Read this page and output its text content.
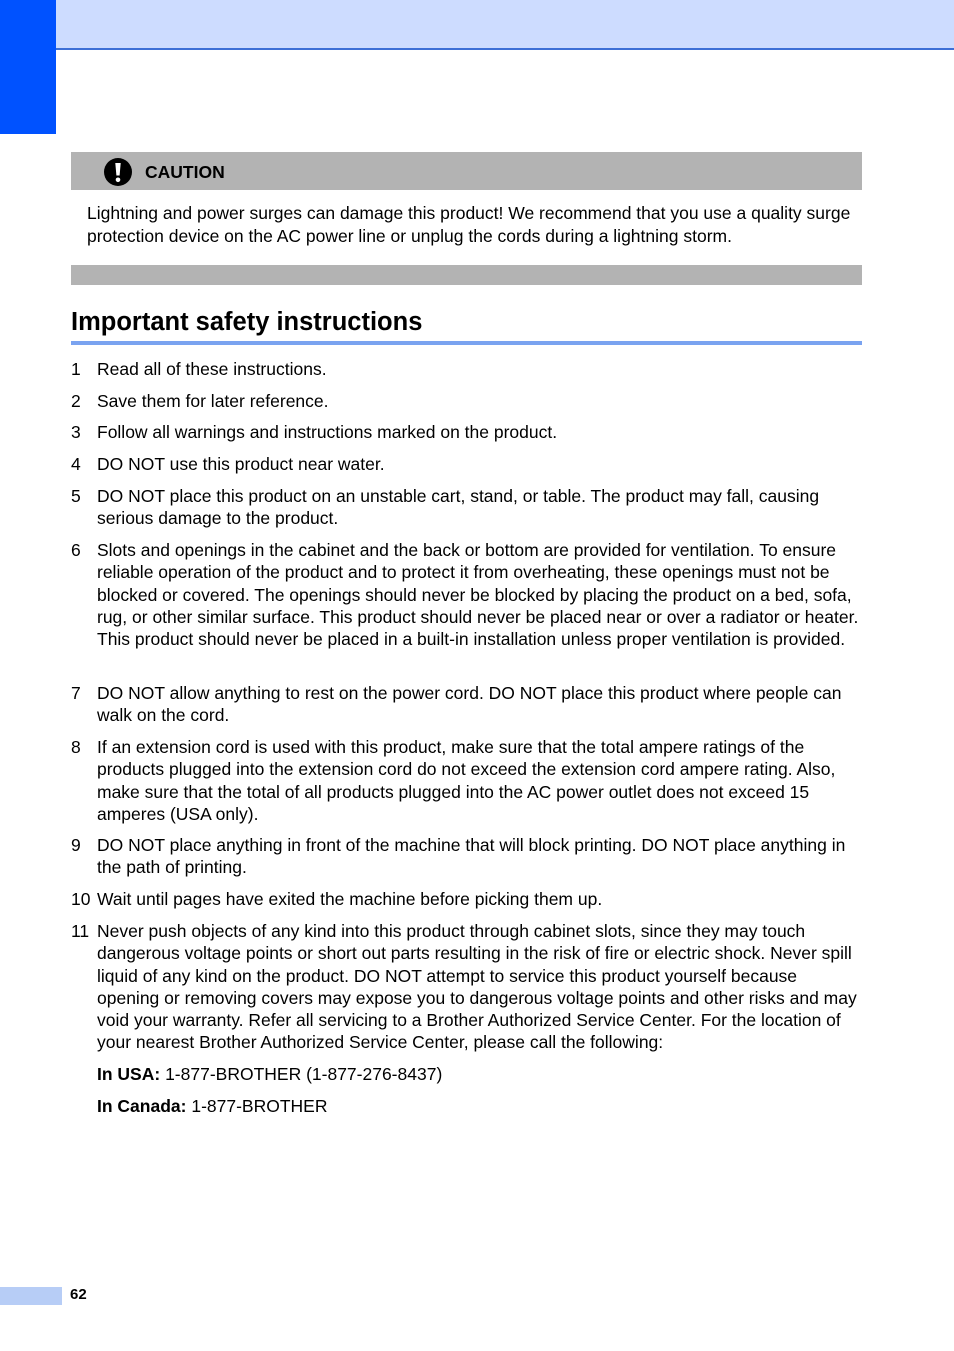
CAUTION
Lightning and power surges can damage this product! We recommend that you use a quality surge protection device on the AC power line or unplug the cords during a lightning storm.
Important safety instructions
1 Read all of these instructions.
2 Save them for later reference.
3 Follow all warnings and instructions marked on the product.
4 DO NOT use this product near water.
5 DO NOT place this product on an unstable cart, stand, or table. The product may fall, causing serious damage to the product.
6 Slots and openings in the cabinet and the back or bottom are provided for ventilation. To ensure reliable operation of the product and to protect it from overheating, these openings must not be blocked or covered. The openings should never be blocked by placing the product on a bed, sofa, rug, or other similar surface. This product should never be placed near or over a radiator or heater. This product should never be placed in a built-in installation unless proper ventilation is provided.
7 DO NOT allow anything to rest on the power cord. DO NOT place this product where people can walk on the cord.
8 If an extension cord is used with this product, make sure that the total ampere ratings of the products plugged into the extension cord do not exceed the extension cord ampere rating. Also, make sure that the total of all products plugged into the AC power outlet does not exceed 15 amperes (USA only).
9 DO NOT place anything in front of the machine that will block printing. DO NOT place anything in the path of printing.
10 Wait until pages have exited the machine before picking them up.
11 Never push objects of any kind into this product through cabinet slots, since they may touch dangerous voltage points or short out parts resulting in the risk of fire or electric shock. Never spill liquid of any kind on the product. DO NOT attempt to service this product yourself because opening or removing covers may expose you to dangerous voltage points and other risks and may void your warranty. Refer all servicing to a Brother Authorized Service Center. For the location of your nearest Brother Authorized Service Center, please call the following:
In USA: 1-877-BROTHER (1-877-276-8437)
In Canada: 1-877-BROTHER
62
